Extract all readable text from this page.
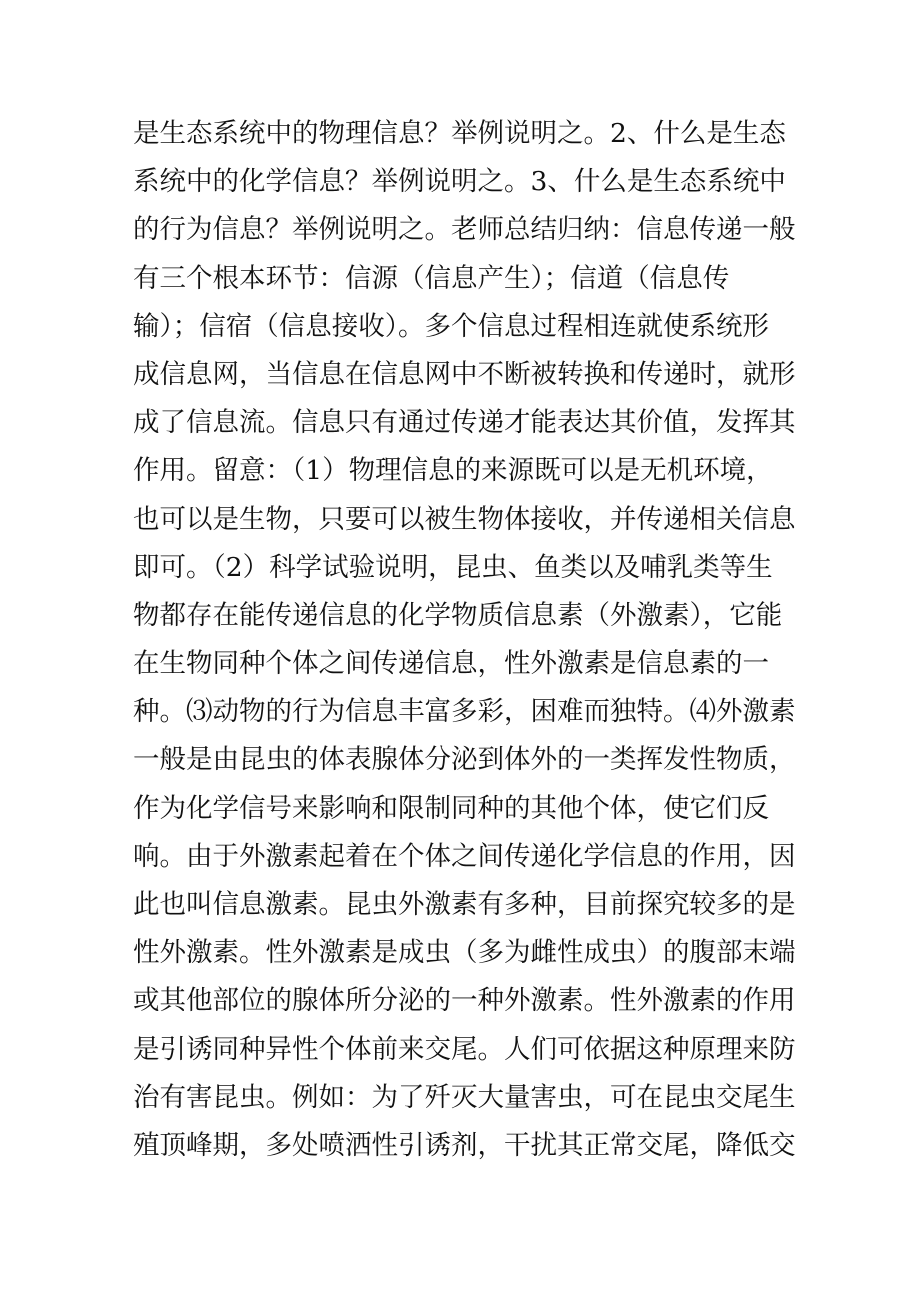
是生态系统中的物理信息？举例说明之。2、什么是生态
系统中的化学信息？举例说明之。3、什么是生态系统中
的行为信息？举例说明之。老师总结归纳：信息传递一般
有三个根本环节：信源（信息产生）；信道（信息传
输）；信宿（信息接收）。多个信息过程相连就使系统形
成信息网，当信息在信息网中不断被转换和传递时，就形
成了信息流。信息只有通过传递才能表达其价值，发挥其
作用。留意：（1）物理信息的来源既可以是无机环境，
也可以是生物，只要可以被生物体接收，并传递相关信息
即可。（2）科学试验说明，昆虫、鱼类以及哺乳类等生
物都存在能传递信息的化学物质信息素（外激素），它能
在生物同种个体之间传递信息，性外激素是信息素的一
种。⑶动物的行为信息丰富多彩，困难而独特。⑷外激素
一般是由昆虫的体表腺体分泌到体外的一类挥发性物质，
作为化学信号来影响和限制同种的其他个体，使它们反
响。由于外激素起着在个体之间传递化学信息的作用，因
此也叫信息激素。昆虫外激素有多种，目前探究较多的是
性外激素。性外激素是成虫（多为雌性成虫）的腹部末端
或其他部位的腺体所分泌的一种外激素。性外激素的作用
是引诱同种异性个体前来交尾。人们可依据这种原理来防
治有害昆虫。例如：为了歼灭大量害虫，可在昆虫交尾生
殖顶峰期，多处喷洒性引诱剂，干扰其正常交尾，降低交
